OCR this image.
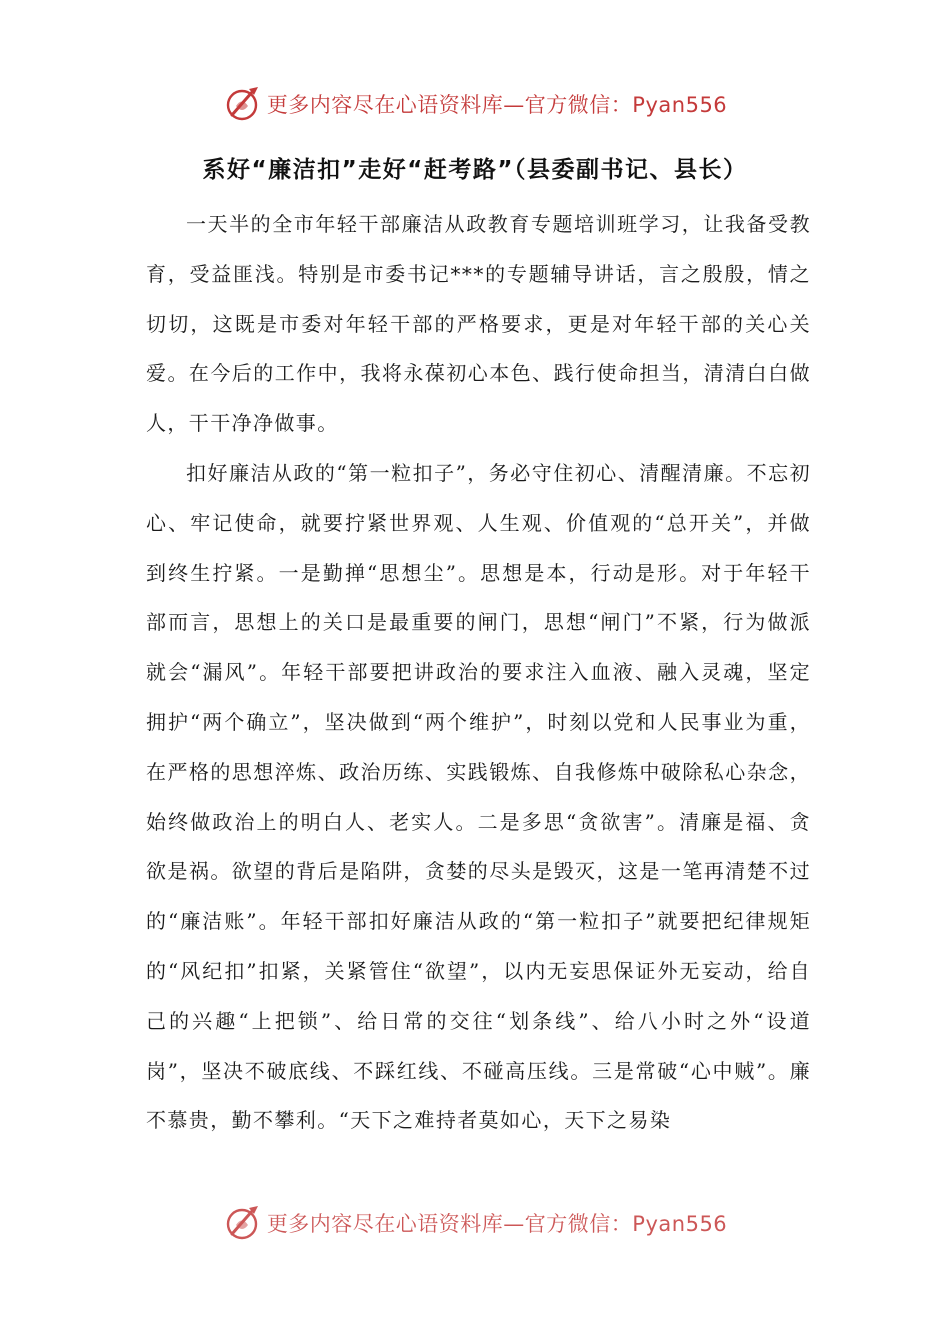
更多内容尽在心语资料库—官方微信：Pyan556
系好“廉洁扣”走好“赶考路”（县委副书记、县长）

一天半的全市年轻干部廉洁从政教育专题培训班学习，让我备受教育，受益匪浅。特别是市委书记***的专题辅导讲话，言之殷殷，情之切切，这既是市委对年轻干部的严格要求，更是对年轻干部的关心关爱。在今后的工作中，我将永葆初心本色、践行使命担当，清清白白做人，干干净净做事。

扣好廉洁从政的“第一粒扣子”，务必守住初心、清醒清廉。不忘初心、牢记使命，就要拧紧世界观、人生观、价值观的“总开关”，并做到终生拧紧。一是勤掸“思想尘”。思想是本，行动是形。对于年轻干部而言，思想上的关口是最重要的闸门，思想“闸门”不紧，行为做派就会“漏风”。年轻干部要把讲政治的要求注入血液、融入灵魂，坚定拥护“两个确立”，坚决做到“两个维护”，时刻以党和人民事业为重，在严格的思想淬炼、政治历练、实践锻炼、自我修炼中破除私心杂念，始终做政治上的明白人、老实人。二是多思“贪欲害”。清廉是福、贪欲是祸。欲望的背后是陷阱，贪婪的尽头是毁灭，这是一笔再清楚不过的“廉洁账”。年轻干部扣好廉洁从政的“第一粒扣子”就要把纪律规矩的“风纪扣”扣紧，关紧管住“欲望”，以内无妄思保证外无妄动，给自己的兴趣“上把锁”、给日常的交往“划条线”、给八小时之外“设道岗”，坚决不破底线、不踩红线、不碰高压线。三是常破“心中贼”。廉不慕贵，勤不攀利。“天下之难持者莫如心，天下之易染

更多内容尽在心语资料库—官方微信：Pyan556
